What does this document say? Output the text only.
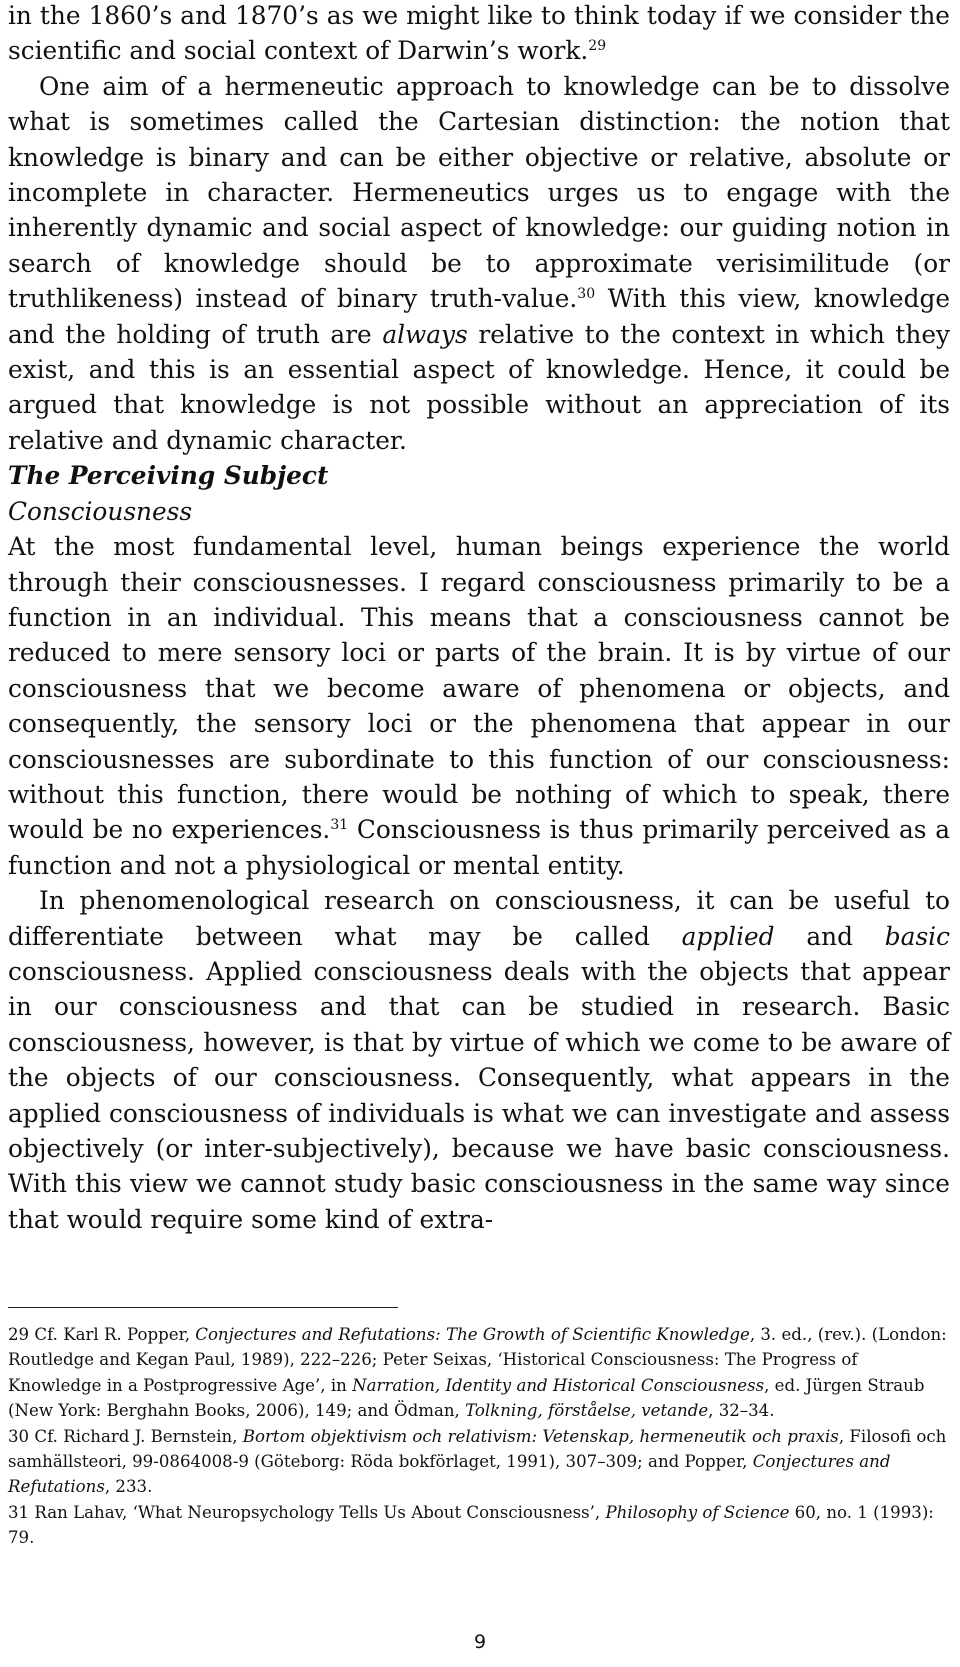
in the 1860’s and 1870’s as we might like to think today if we consider the scientific and social context of Darwin’s work.$^{29}$

One aim of a hermeneutic approach to knowledge can be to dissolve what is sometimes called the Cartesian distinction: the notion that knowledge is binary and can be either objective or relative, absolute or incomplete in character. Hermeneutics urges us to engage with the inherently dynamic and social aspect of knowledge: our guiding notion in search of knowledge should be to approximate verisimilitude (or truthlikeness) instead of binary truth-value.$^{30}$ With this view, knowledge and the holding of truth are always relative to the context in which they exist, and this is an essential aspect of knowledge. Hence, it could be argued that knowledge is not possible without an appreciation of its relative and dynamic character.

The Perceiving Subject

Consciousness

At the most fundamental level, human beings experience the world through their consciousnesses. I regard consciousness primarily to be a function in an individual. This means that a consciousness cannot be reduced to mere sensory loci or parts of the brain. It is by virtue of our consciousness that we become aware of phenomena or objects, and consequently, the sensory loci or the phenomena that appear in our consciousnesses are subordinate to this function of our consciousness: without this function, there would be nothing of which to speak, there would be no experiences.$^{31}$ Consciousness is thus primarily perceived as a function and not a physiological or mental entity.

In phenomenological research on consciousness, it can be useful to differentiate between what may be called applied and basic consciousness. Applied consciousness deals with the objects that appear in our consciousness and that can be studied in research. Basic consciousness, however, is that by virtue of which we come to be aware of the objects of our consciousness. Consequently, what appears in the applied consciousness of individuals is what we can investigate and assess objectively (or inter-subjectively), because we have basic consciousness. With this view we cannot study basic consciousness in the same way since that would require some kind of extra-

29 Cf. Karl R. Popper, Conjectures and Refutations: The Growth of Scientific Knowledge, 3. ed., (rev.). (London: Routledge and Kegan Paul, 1989), 222–226; Peter Seixas, ‘Historical Consciousness: The Progress of Knowledge in a Postprogressive Age’, in Narration, Identity and Historical Consciousness, ed. Jürgen Straub (New York: Berghahn Books, 2006), 149; and Ödman, Tolkning, förståelse, vetande, 32–34.

30 Cf. Richard J. Bernstein, Bortom objektivism och relativism: Vetenskap, hermeneutik och praxis, Filosofi och samhällsteori, 99-0864008-9 (Göteborg: Röda bokförlaget, 1991), 307–309; and Popper, Conjectures and Refutations, 233.

31 Ran Lahav, ‘What Neuropsychology Tells Us About Consciousness’, Philosophy of Science 60, no. 1 (1993): 79.

9
